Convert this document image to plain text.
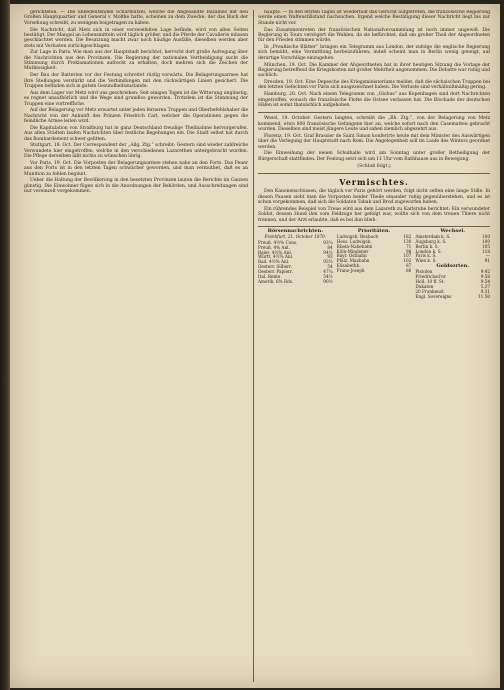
gerichteten. — Die unbedeutenden Scharmützel, welche die Abgesandte Bazaines mit den Großen Hauptquartier und General v. Moltke hatte, scheinen zu dem Zwecke, der das Buch der Vorsehung schreibt, zu wenigem beigetragen zu haben.

Die Nachricht, daß Metz sich in einer verzweifelten Lage befinde, wird von allen Seiten bestätigt. Der Mangel an Lebensmitteln wird täglich größer, und die Pferde der Cavallerie müssen geschlachtet werden. Die Besatzung macht zwar noch häufige Ausfälle, dieselben werden aber stets mit Verlusten zurückgeschlagen.

Zur Lage in Paris. Wie man aus der Hauptstadt berichtet, herrscht dort große Aufregung über die Nachrichten aus den Provinzen. Die Regierung der nationalen Vertheidigung sucht die Stimmung durch Proklamationen aufrecht zu erhalten, doch mehren sich die Zeichen der Muthlosigkeit.

Der Bau der Batterien vor der Festung schreitet rüstig vorwärts. Die Belagerungsarmee hat ihre Stellungen verstärkt und die Verbindungen mit den rückwärtigen Linien gesichert. Die Truppen befinden sich in gutem Gesundheitszustande.

Aus dem Lager vor Metz wird uns geschrieben: Seit einigen Tagen ist die Witterung ungünstig, es regnet unaufhörlich und die Wege sind grundlos geworden. Trotzdem ist die Stimmung der Truppen eine vortreffliche.

Auf der Belagerung vor Metz erwartet unter jeden ferneren Truppen und Oberbefehlshaber die Nachricht von der Ankunft des Prinzen Friedrich Carl, welcher die Operationen gegen die feindliche Armee leiten wird.

Die Kapitulation von Straßburg hat in ganz Deutschland freudige Theilnahme hervorgerufen. Aus allen Städten laufen Nachrichten über festliche Begehungen ein. Die Stadt selbst hat durch das Bombardement schwer gelitten.

Stuttgart, 18. Oct. Der Correspondent der „Allg. Ztg.“ schreibt: Gestern sind wieder zahlreiche Verwundete hier eingetroffen, welche in den verschiedenen Lazarethen untergebracht wurden. Die Pflege derselben läßt nichts zu wünschen übrig.

Vor Paris, 19. Oct. Die Vorposten der Belagerungsarmee stehen nahe an den Forts. Das Feuer aus den Forts ist in den letzten Tagen schwächer geworden, und man vermuthet, daß es an Munition zu fehlen beginnt.

Ueber die Haltung der Bevölkerung in den besetzten Provinzen lauten die Berichte im Ganzen günstig. Die Einwohner fügen sich in die Anordnungen der Behörden, und Ausschreitungen sind nur vereinzelt vorgekommen.

haupte. — In den letzten Tagen ist wiederholt das Gerücht aufgetreten, die französische Regierung werde einen Waffenstillstand nachsuchen. Irgend welche Bestätigung dieser Nachricht liegt bis zur Stunde nicht vor.

Das Zusammentreten der französischen Nationalversammlung ist noch immer ungewiß. Die Regierung in Tours verzögert die Wahlen, da sie befürchtet, daß ein großer Theil der Abgeordneten für den Frieden stimmen würde.

In „Preußische Blätter“ bringen ein Telegramm aus London, der zufolge die englische Regierung sich bemüht, eine Vermittlung herbeizuführen; indeß scheint man in Berlin wenig geneigt, auf derartige Vorschläge einzugehen.

München, 19. Oct. Die Kammer der Abgeordneten hat in ihrer heutigen Sitzung die Vorlage der Regierung betreffend die Kriegskosten mit großer Mehrheit angenommen. Die Debatte war ruhig und sachlich.

Dresden, 19. Oct. Eine Depesche des Kriegsministeriums meldet, daß die sächsischen Truppen bei den letzten Gefechten vor Paris sich ausgezeichnet haben. Die Verluste sind verhältnißmäßig gering.

Hamburg, 20. Oct. Nach einem Telegramm von „Globus“ aus Kopenhagen sind dort Nachrichten eingetroffen, wonach die französische Flotte die Ostsee verlassen hat. Die Blockade der deutschen Häfen ist somit thatsächlich aufgehoben.

Wesel, 19. October. Gestern langten, schreibt die „Rh. Ztg.“, von der Belagerung von Metz kommend, etwa 800 französische Gefangene hier an, welche sofort nach den Casematten gebracht wurden. Dieselben sind meist jüngere Leute und sahen ziemlich abgezehrt aus.

Florenz, 19. Oct. Graf Brassier de Saint Simon konferirte heute mit dem Minister des Auswärtigen über die Verlegung der Hauptstadt nach Rom. Die Angelegenheit soll im Laufe des Winters geordnet werden.

Die Einweihung der neuen Schulhalle wird am Sonntag unter großer Betheiligung der Bürgerschaft stattfinden. Der Festzug setzt sich um 11 Uhr vom Rathhause aus in Bewegung.

(Schluß folgt.)
Vermischtes.

Den Kanonenschüssen, die täglich vor Paris gehört werden, folgt nicht selten eine lange Stille. In diesen Pausen sieht man die Vorposten beider Theile einander ruhig gegenüberstehen, und es ist schon vorgekommen, daß sich die Soldaten Tabak und Brod zugeworfen haben.

Ein rührendes Beispiel von Treue wird aus dem Lazareth zu Karlsruhe berichtet: Ein verwundeter Soldat, dessen Hund ihm vom Feldzuge her gefolgt war, wollte sich von dem treuen Thiere nicht trennen, und der Arzt erlaubte, daß es bei ihm blieb.

Börsennachrichten.
Frankfurt, 21. October 1870.
Preuß. 4½% Cons.	93¼
Preuß. 4% Anl.	84
Baier. 4½% Anl.	94½
Württ. 4½% Anl.	93
Bad. 4½% Anl.	93½
Oesterr. Silberr.	54
Oesterr. Papierr.	47¼
Ital. Rente	54½
Amerik. 6% Bds.	90½
Prioritäten.
Ludwigsh. Bexbach	182
Hess. Ludwigsb.	130
Rhein-Nahebahn	71
Köln-Mindener	98
Bayr. Ostbahn	107
Pfälz. Maxbahn	102
Elisabethb.	87
Franz-Joseph	86
Wechsel.
Amsterdam k. S.	100
Augsburg k. S.	100
Berlin k. S.	105
London k. S.	118
Paris k. S.	—
Wien k. S.	91
Goldsorten.
Pistolen	9.42
Friedrichsd'or	9.58
Holl. 10 fl. St.	9.54
Dukaten	5.37
20 Frankenst.	9.31
Engl. Sovereigns	11.50
„Schluß
